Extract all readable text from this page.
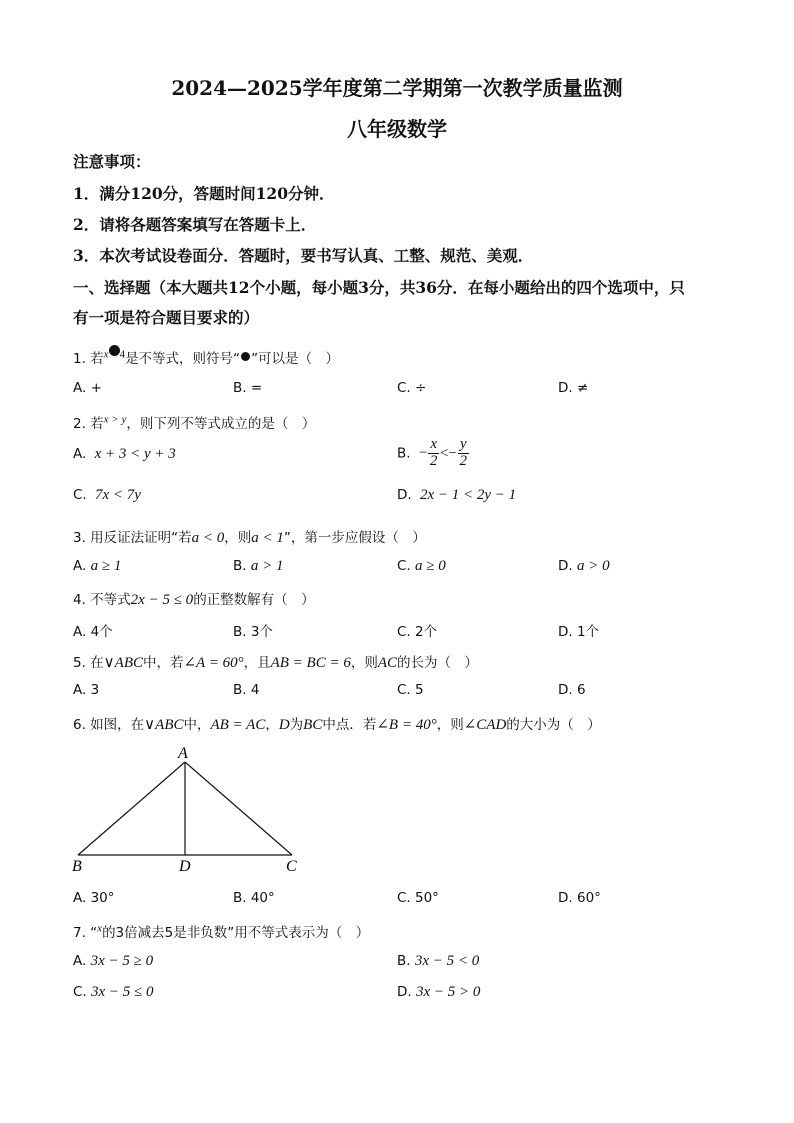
2024—2025学年度第二学期第一次教学质量监测
八年级数学
注意事项：
1．满分120分，答题时间120分钟．
2．请将各题答案填写在答题卡上．
3．本次考试设卷面分．答题时，要书写认真、工整、规范、美观．
一、选择题（本大题共12个小题，每小题3分，共36分．在每小题给出的四个选项中，只
有一项是符合题目要求的）
1. 若$^x$ $^4$是不等式，则符号“ ”可以是（　）
A. +	B. =	C. ÷	D. ≠
2. 若$^{x > y}$，则下列不等式成立的是（　）
A. x + 3 < y + 3	B. − $\frac{x}{2} <- \frac{y}{2}$
C. 7x < 7y	D. 2x − 1 < 2y − 1
3. 用反证法证明“若a < 0，则a < 1”，第一步应假设（　）
A. a ≥ 1	B. a > 1	C. a ≥ 0	D. a > 0
4. 不等式2x − 5 ≤ 0的正整数解有（　）
A. 4个	B. 3个	C. 2个	D. 1个
5. 在∨ABC中，若∠A = 60°，且AB = BC = 6，则AC的长为（　）
A. 3	B. 4	C. 5	D. 6
6. 如图，在∨ABC中，AB = AC，D为BC中点．若∠B = 40°，则∠CAD的大小为（　）
A
B	D	C
A. 30°	B. 40°	C. 50°	D. 60°
7. “$^x$的3倍减去5是非负数”用不等式表示为（　）
A. 3x − 5 ≥ 0	B. 3x − 5 < 0
C. 3x − 5 ≤ 0	D. 3x − 5 > 0
